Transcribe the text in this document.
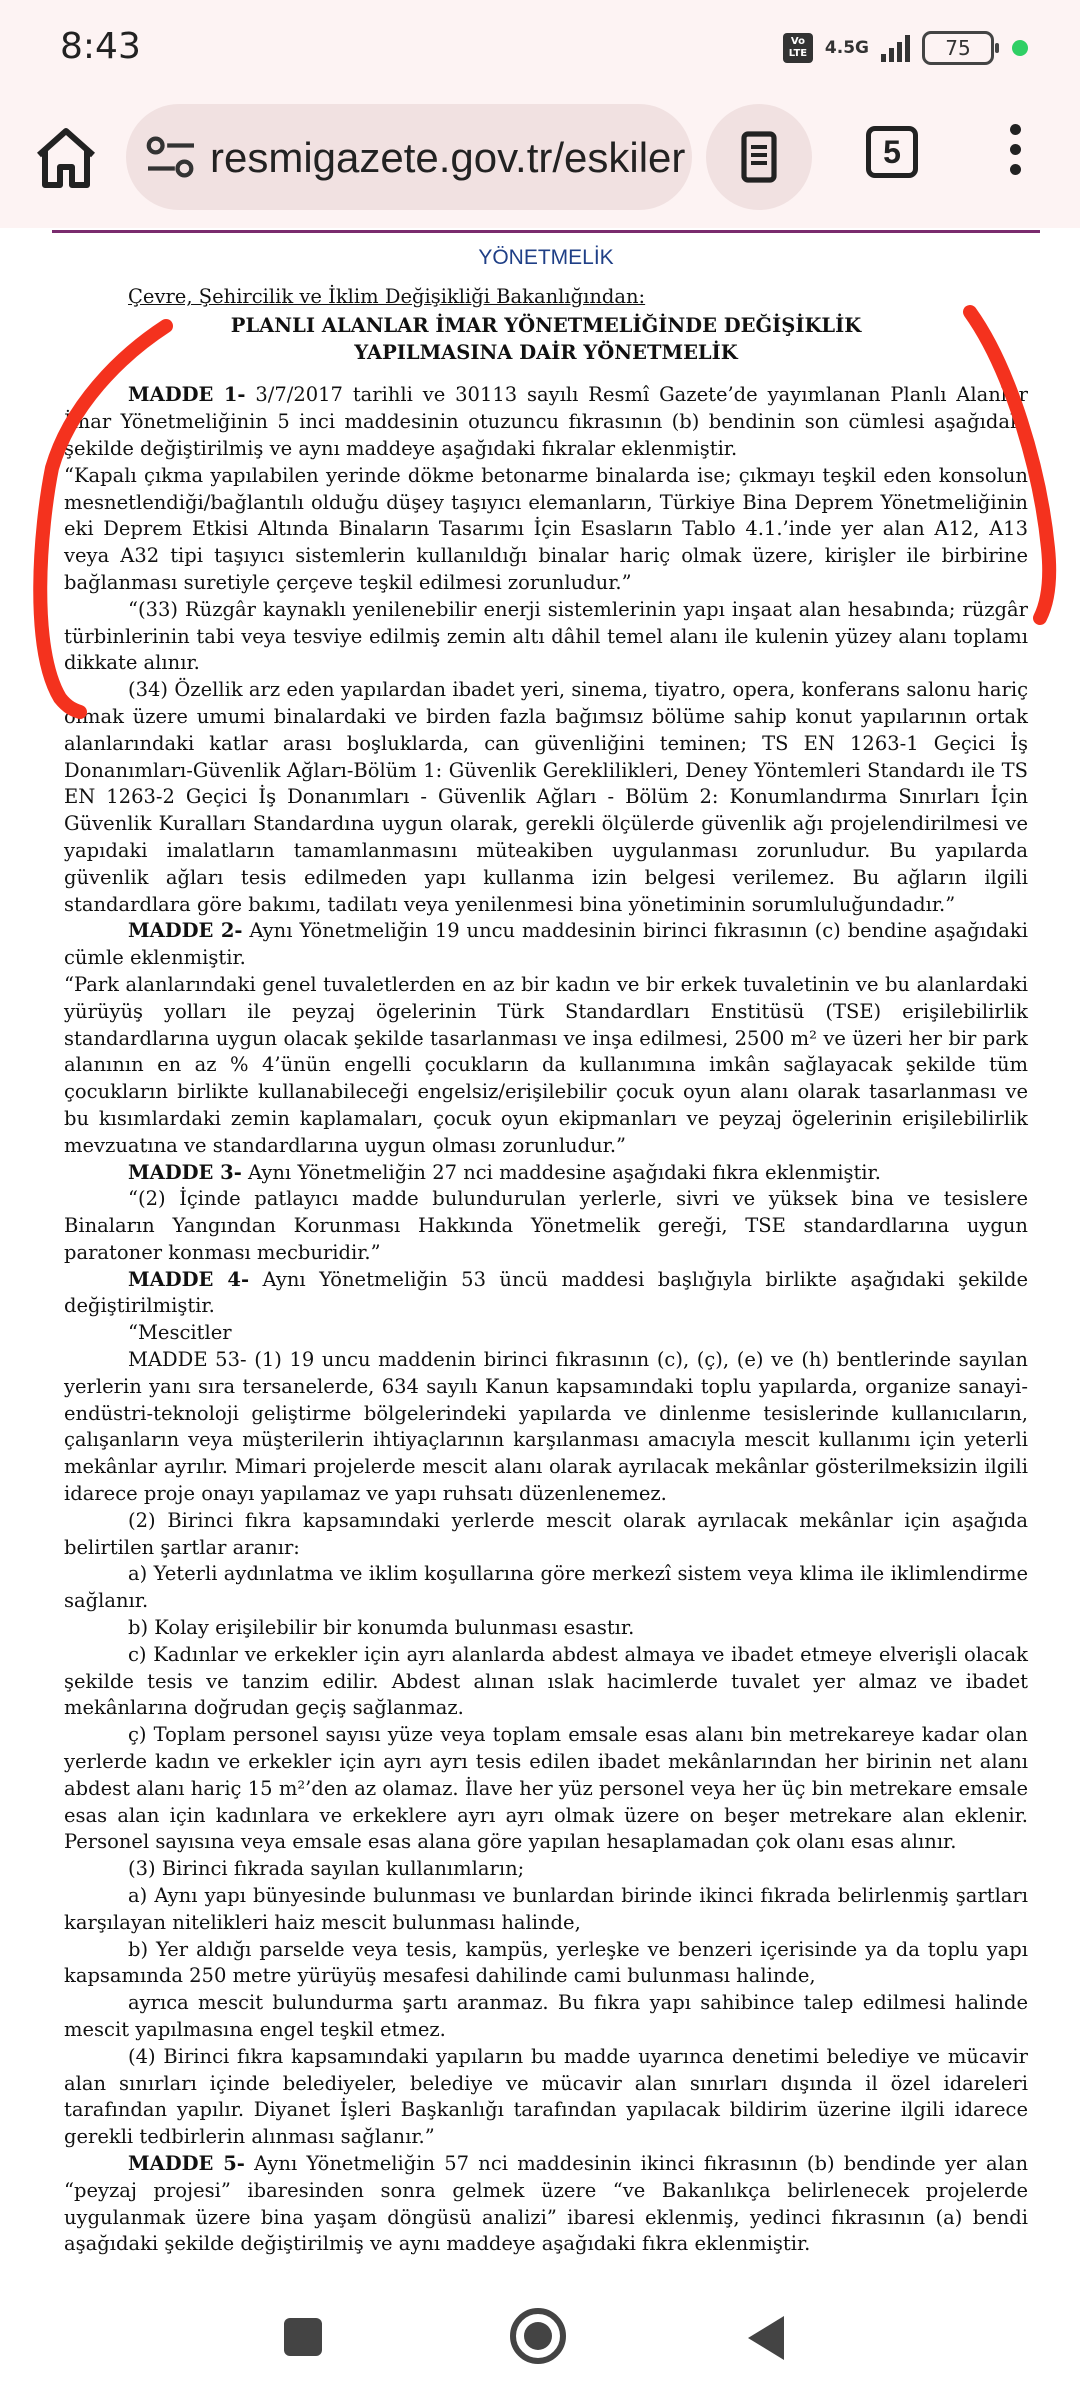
8:43	Vo LTE	4.5G	75
resmigazete.gov.tr/eskiler	5
YÖNETMELİK

Çevre, Şehircilik ve İklim Değişikliği Bakanlığından:

PLANLI ALANLAR İMAR YÖNETMELİĞİNDE DEĞİŞİKLİK

YAPILMASINA DAİR YÖNETMELİK

MADDE 1- 3/7/2017 tarihli ve 30113 sayılı Resmî Gazete’de yayımlanan Planlı Alanlar İmar Yönetmeliğinin 5 inci maddesinin otuzuncu fıkrasının (b) bendinin son cümlesi aşağıdaki şekilde değiştirilmiş ve aynı maddeye aşağıdaki fıkralar eklenmiştir.

“Kapalı çıkma yapılabilen yerinde dökme betonarme binalarda ise; çıkmayı teşkil eden konsolun mesnetlendiği/bağlantılı olduğu düşey taşıyıcı elemanların, Türkiye Bina Deprem Yönetmeliğinin eki Deprem Etkisi Altında Binaların Tasarımı İçin Esasların Tablo 4.1.’inde yer alan A12, A13 veya A32 tipi taşıyıcı sistemlerin kullanıldığı binalar hariç olmak üzere, kirişler ile birbirine bağlanması suretiyle çerçeve teşkil edilmesi zorunludur.”

“(33) Rüzgâr kaynaklı yenilenebilir enerji sistemlerinin yapı inşaat alan hesabında; rüzgâr türbinlerinin tabi veya tesviye edilmiş zemin altı dâhil temel alanı ile kulenin yüzey alanı toplamı dikkate alınır.

(34) Özellik arz eden yapılardan ibadet yeri, sinema, tiyatro, opera, konferans salonu hariç olmak üzere umumi binalardaki ve birden fazla bağımsız bölüme sahip konut yapılarının ortak alanlarındaki katlar arası boşluklarda, can güvenliğini teminen; TS EN 1263-1 Geçici İş Donanımları-Güvenlik Ağları-Bölüm 1: Güvenlik Gereklilikleri, Deney Yöntemleri Standardı ile TS EN 1263-2 Geçici İş Donanımları - Güvenlik Ağları - Bölüm 2: Konumlandırma Sınırları İçin Güvenlik Kuralları Standardına uygun olarak, gerekli ölçülerde güvenlik ağı projelendirilmesi ve yapıdaki imalatların tamamlanmasını müteakiben uygulanması zorunludur. Bu yapılarda güvenlik ağları tesis edilmeden yapı kullanma izin belgesi verilemez. Bu ağların ilgili standardlara göre bakımı, tadilatı veya yenilenmesi bina yönetiminin sorumluluğundadır.”

MADDE 2- Aynı Yönetmeliğin 19 uncu maddesinin birinci fıkrasının (c) bendine aşağıdaki cümle eklenmiştir.

“Park alanlarındaki genel tuvaletlerden en az bir kadın ve bir erkek tuvaletinin ve bu alanlardaki yürüyüş yolları ile peyzaj ögelerinin Türk Standardları Enstitüsü (TSE) erişilebilirlik standardlarına uygun olacak şekilde tasarlanması ve inşa edilmesi, 2500 m² ve üzeri her bir park alanının en az % 4’ünün engelli çocukların da kullanımına imkân sağlayacak şekilde tüm çocukların birlikte kullanabileceği engelsiz/erişilebilir çocuk oyun alanı olarak tasarlanması ve bu kısımlardaki zemin kaplamaları, çocuk oyun ekipmanları ve peyzaj ögelerinin erişilebilirlik mevzuatına ve standardlarına uygun olması zorunludur.”

MADDE 3- Aynı Yönetmeliğin 27 nci maddesine aşağıdaki fıkra eklenmiştir.

“(2) İçinde patlayıcı madde bulundurulan yerlerle, sivri ve yüksek bina ve tesislere Binaların Yangından Korunması Hakkında Yönetmelik gereği, TSE standardlarına uygun paratoner konması mecburidir.”

MADDE 4- Aynı Yönetmeliğin 53 üncü maddesi başlığıyla birlikte aşağıdaki şekilde değiştirilmiştir.

“Mescitler

MADDE 53- (1) 19 uncu maddenin birinci fıkrasının (c), (ç), (e) ve (h) bentlerinde sayılan yerlerin yanı sıra tersanelerde, 634 sayılı Kanun kapsamındaki toplu yapılarda, organize sanayi-endüstri-teknoloji geliştirme bölgelerindeki yapılarda ve dinlenme tesislerinde kullanıcıların, çalışanların veya müşterilerin ihtiyaçlarının karşılanması amacıyla mescit kullanımı için yeterli mekânlar ayrılır. Mimari projelerde mescit alanı olarak ayrılacak mekânlar gösterilmeksizin ilgili idarece proje onayı yapılamaz ve yapı ruhsatı düzenlenemez.

(2) Birinci fıkra kapsamındaki yerlerde mescit olarak ayrılacak mekânlar için aşağıda belirtilen şartlar aranır:

a) Yeterli aydınlatma ve iklim koşullarına göre merkezî sistem veya klima ile iklimlendirme sağlanır.

b) Kolay erişilebilir bir konumda bulunması esastır.

c) Kadınlar ve erkekler için ayrı alanlarda abdest almaya ve ibadet etmeye elverişli olacak şekilde tesis ve tanzim edilir. Abdest alınan ıslak hacimlerde tuvalet yer almaz ve ibadet mekânlarına doğrudan geçiş sağlanmaz.

ç) Toplam personel sayısı yüze veya toplam emsale esas alanı bin metrekareye kadar olan yerlerde kadın ve erkekler için ayrı ayrı tesis edilen ibadet mekânlarından her birinin net alanı abdest alanı hariç 15 m²’den az olamaz. İlave her yüz personel veya her üç bin metrekare emsale esas alan için kadınlara ve erkeklere ayrı ayrı olmak üzere on beşer metrekare alan eklenir. Personel sayısına veya emsale esas alana göre yapılan hesaplamadan çok olanı esas alınır.

(3) Birinci fıkrada sayılan kullanımların;

a) Aynı yapı bünyesinde bulunması ve bunlardan birinde ikinci fıkrada belirlenmiş şartları karşılayan nitelikleri haiz mescit bulunması halinde,

b) Yer aldığı parselde veya tesis, kampüs, yerleşke ve benzeri içerisinde ya da toplu yapı kapsamında 250 metre yürüyüş mesafesi dahilinde cami bulunması halinde,

ayrıca mescit bulundurma şartı aranmaz. Bu fıkra yapı sahibince talep edilmesi halinde mescit yapılmasına engel teşkil etmez.

(4) Birinci fıkra kapsamındaki yapıların bu madde uyarınca denetimi belediye ve mücavir alan sınırları içinde belediyeler, belediye ve mücavir alan sınırları dışında il özel idareleri tarafından yapılır. Diyanet İşleri Başkanlığı tarafından yapılacak bildirim üzerine ilgili idarece gerekli tedbirlerin alınması sağlanır.”

MADDE 5- Aynı Yönetmeliğin 57 nci maddesinin ikinci fıkrasının (b) bendinde yer alan “peyzaj projesi” ibaresinden sonra gelmek üzere “ve Bakanlıkça belirlenecek projelerde uygulanmak üzere bina yaşam döngüsü analizi” ibaresi eklenmiş, yedinci fıkrasının (a) bendi aşağıdaki şekilde değiştirilmiş ve aynı maddeye aşağıdaki fıkra eklenmiştir.
